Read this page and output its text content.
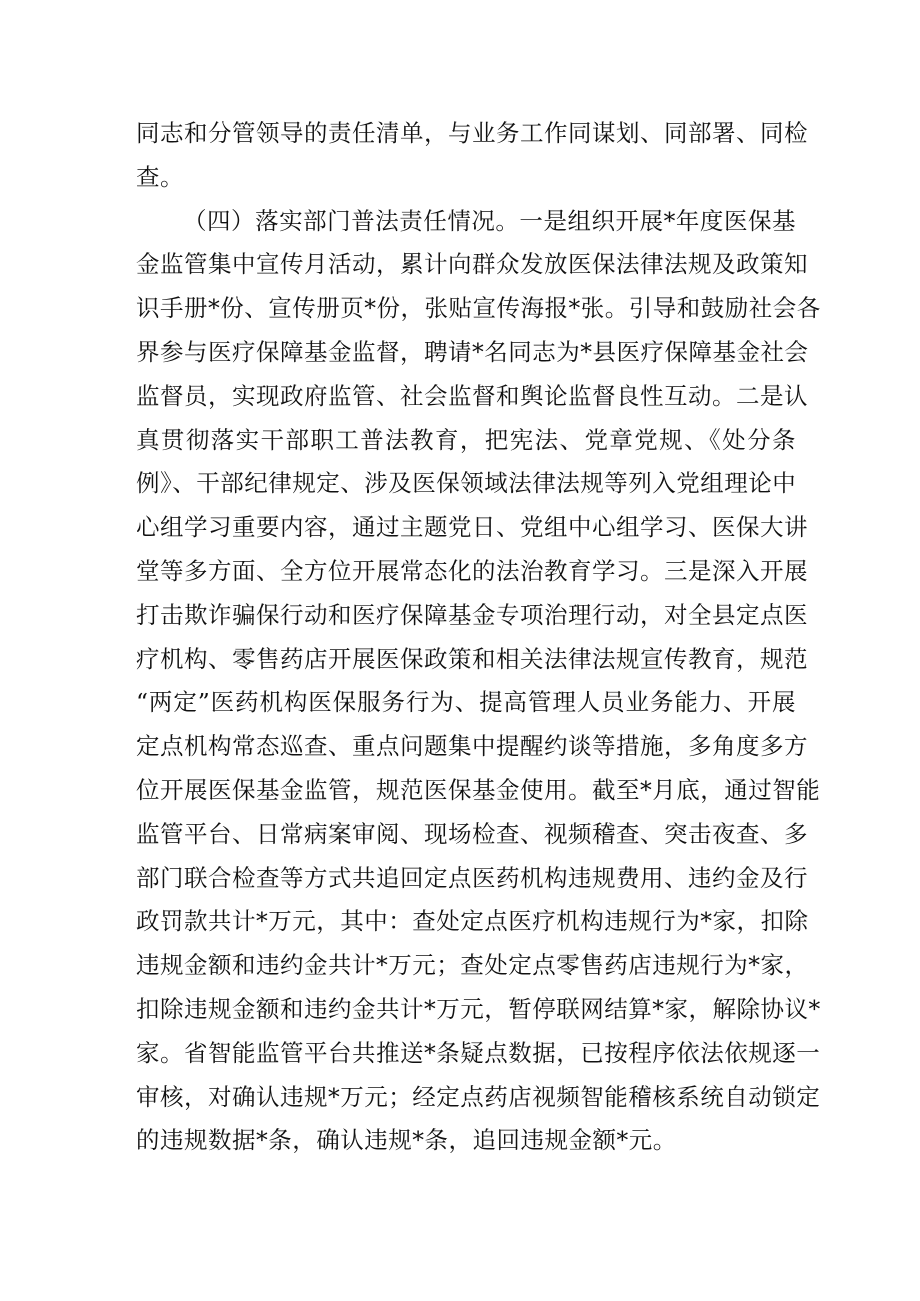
同志和分管领导的责任清单，与业务工作同谋划、同部署、同检
查。
（四）落实部门普法责任情况。一是组织开展*年度医保基
金监管集中宣传月活动，累计向群众发放医保法律法规及政策知
识手册*份、宣传册页*份，张贴宣传海报*张。引导和鼓励社会各
界参与医疗保障基金监督，聘请*名同志为*县医疗保障基金社会
监督员，实现政府监管、社会监督和舆论监督良性互动。二是认
真贯彻落实干部职工普法教育，把宪法、党章党规、《处分条
例》、干部纪律规定、涉及医保领域法律法规等列入党组理论中
心组学习重要内容，通过主题党日、党组中心组学习、医保大讲
堂等多方面、全方位开展常态化的法治教育学习。三是深入开展
打击欺诈骗保行动和医疗保障基金专项治理行动，对全县定点医
疗机构、零售药店开展医保政策和相关法律法规宣传教育，规范
“两定”医药机构医保服务行为、提高管理人员业务能力、开展
定点机构常态巡查、重点问题集中提醒约谈等措施，多角度多方
位开展医保基金监管，规范医保基金使用。截至*月底，通过智能
监管平台、日常病案审阅、现场检查、视频稽查、突击夜查、多
部门联合检查等方式共追回定点医药机构违规费用、违约金及行
政罚款共计*万元，其中：查处定点医疗机构违规行为*家，扣除
违规金额和违约金共计*万元；查处定点零售药店违规行为*家，
扣除违规金额和违约金共计*万元，暂停联网结算*家，解除协议*
家。省智能监管平台共推送*条疑点数据，已按程序依法依规逐一
审核，对确认违规*万元；经定点药店视频智能稽核系统自动锁定
的违规数据*条，确认违规*条，追回违规金额*元。
